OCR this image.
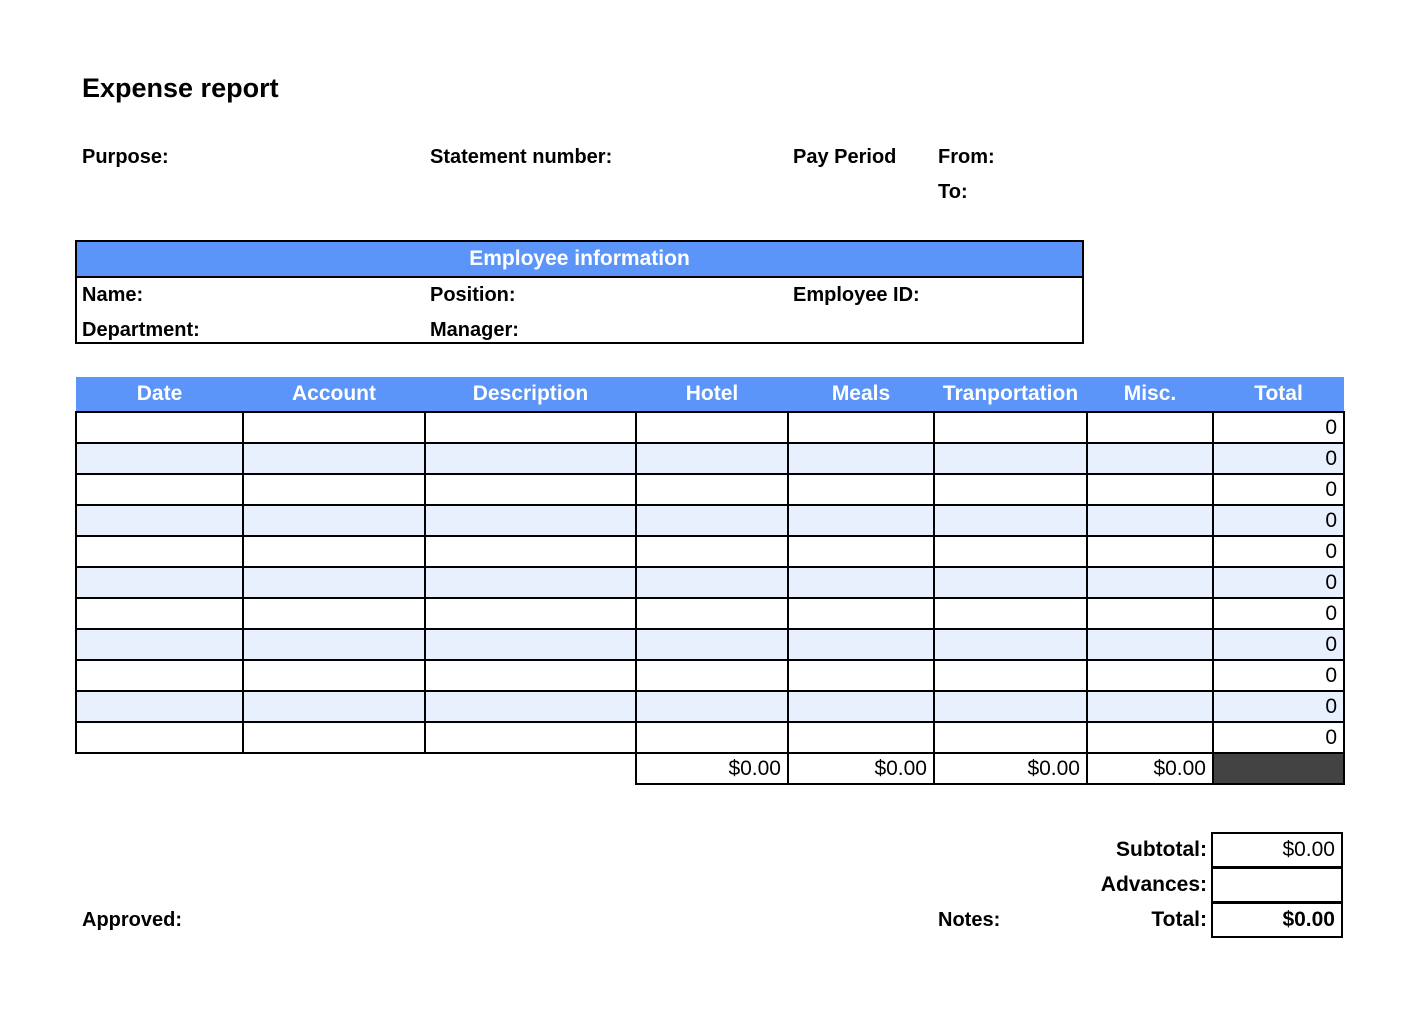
Expense report
Purpose:	Statement number:	Pay Period From:
To:
Employee information
Name:	Position:	Employee ID:
Department:	Manager:
Date	Account	Description	Hotel	Meals	Tranportation	Misc.	Total
							0
							0
							0
							0
							0
							0
							0
							0
							0
							0
							0
			$0.00	$0.00	$0.00	$0.00	
Subtotal:	$0.00
Advances:
Total:	$0.00
Approved:	Notes:
